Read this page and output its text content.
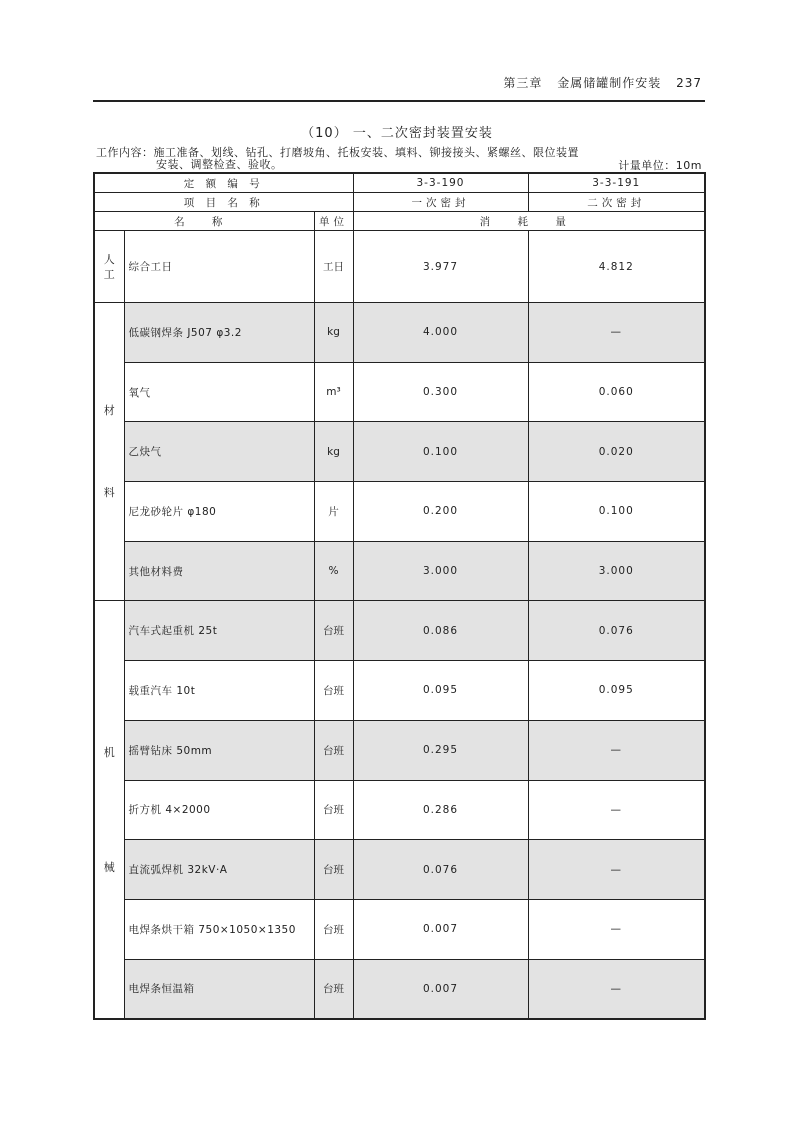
第三章 金属储罐制作安装 237
（10） 一、二次密封装置安装
工作内容：施工准备、划线、钻孔、打磨坡角、托板安装、填料、铆接接头、紧螺丝、限位装置
安装、调整检查、验收。	计量单位：10m
定 额 编 号			3-3-190	3-3-191
项 目 名 称			一次密封	二次密封
名 称		单位	消 耗 量	
人工	综合工日	工日	3.977	4.812

材
料	低碳钢焊条 J507 φ3.2	kg	4.000	—
	氧气	m³	0.300	0.060
	乙炔气	kg	0.100	0.020
	尼龙砂轮片 φ180	片	0.200	0.100
	其他材料费	%	3.000	3.000

机
械	汽车式起重机 25t	台班	0.086	0.076
	载重汽车 10t	台班	0.095	0.095
	摇臂钻床 50mm	台班	0.295	—
	折方机 4×2000	台班	0.286	—
	直流弧焊机 32kV·A	台班	0.076	—
	电焊条烘干箱 750×1050×1350	台班	0.007	—
	电焊条恒温箱	台班	0.007	—
